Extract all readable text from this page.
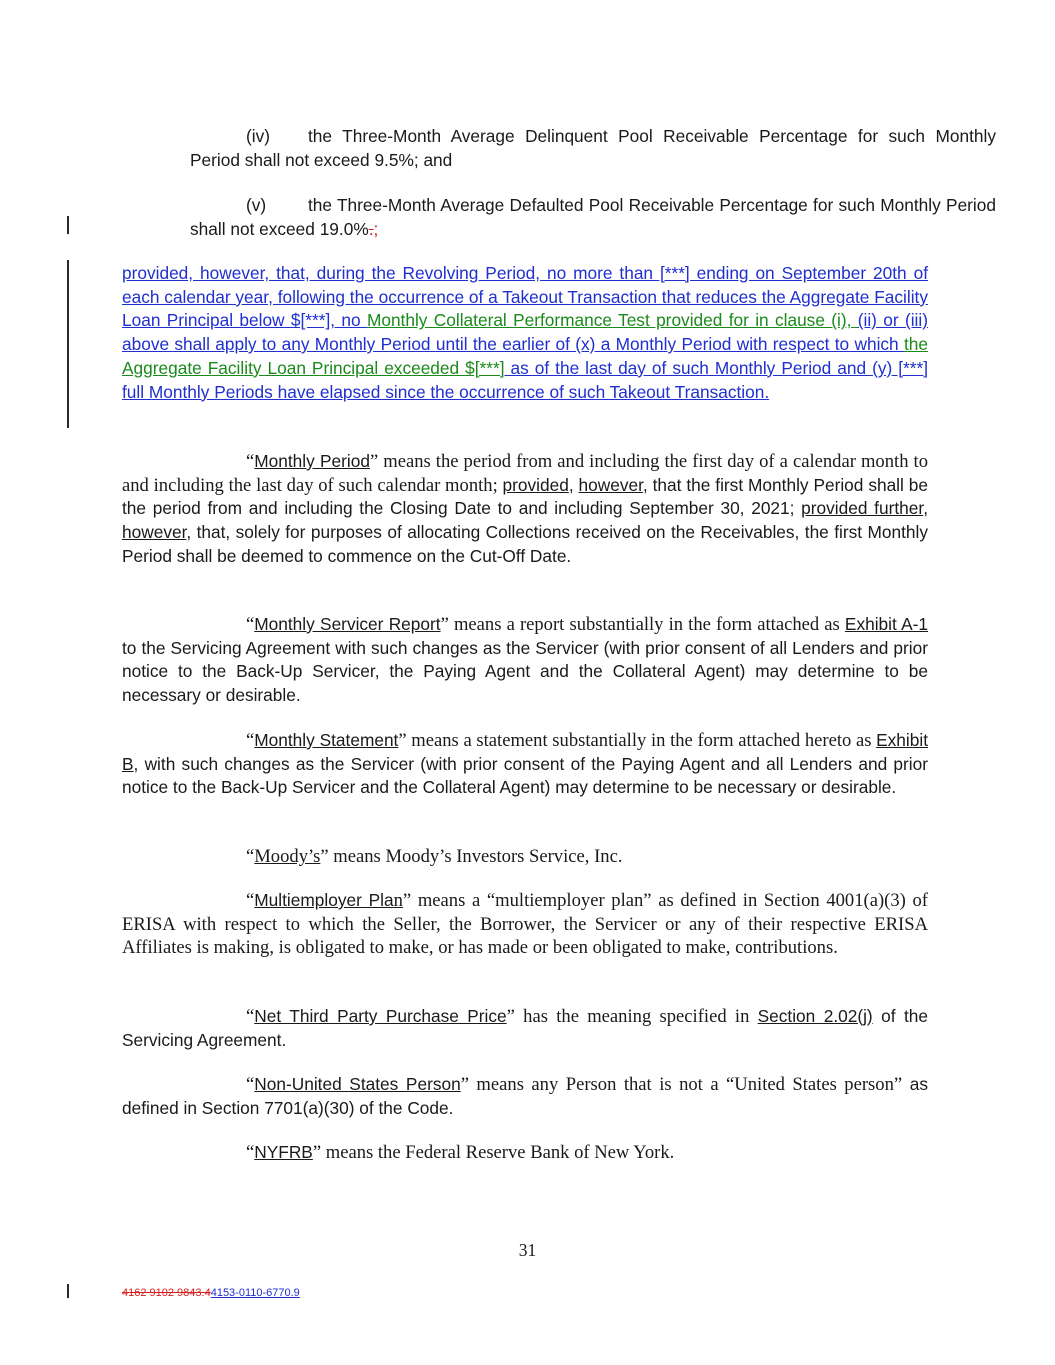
(iv) the Three-Month Average Delinquent Pool Receivable Percentage for such Monthly Period shall not exceed 9.5%; and
(v) the Three-Month Average Defaulted Pool Receivable Percentage for such Monthly Period shall not exceed 19.0%.;
provided, however, that, during the Revolving Period, no more than [***] ending on September 20th of each calendar year, following the occurrence of a Takeout Transaction that reduces the Aggregate Facility Loan Principal below $[***], no Monthly Collateral Performance Test provided for in clause (i), (ii) or (iii) above shall apply to any Monthly Period until the earlier of (x) a Monthly Period with respect to which the Aggregate Facility Loan Principal exceeded $[***] as of the last day of such Monthly Period and (y) [***] full Monthly Periods have elapsed since the occurrence of such Takeout Transaction.
“Monthly Period” means the period from and including the first day of a calendar month to and including the last day of such calendar month; provided, however, that the first Monthly Period shall be the period from and including the Closing Date to and including September 30, 2021; provided further, however, that, solely for purposes of allocating Collections received on the Receivables, the first Monthly Period shall be deemed to commence on the Cut-Off Date.
“Monthly Servicer Report” means a report substantially in the form attached as Exhibit A-1 to the Servicing Agreement with such changes as the Servicer (with prior consent of all Lenders and prior notice to the Back-Up Servicer, the Paying Agent and the Collateral Agent) may determine to be necessary or desirable.
“Monthly Statement” means a statement substantially in the form attached hereto as Exhibit B, with such changes as the Servicer (with prior consent of the Paying Agent and all Lenders and prior notice to the Back-Up Servicer and the Collateral Agent) may determine to be necessary or desirable.
“Moody’s” means Moody’s Investors Service, Inc.
“Multiemployer Plan” means a “multiemployer plan” as defined in Section 4001(a)(3) of ERISA with respect to which the Seller, the Borrower, the Servicer or any of their respective ERISA Affiliates is making, is obligated to make, or has made or been obligated to make, contributions.
“Net Third Party Purchase Price” has the meaning specified in Section 2.02(j) of the Servicing Agreement.
“Non-United States Person” means any Person that is not a “United States person” as defined in Section 7701(a)(30) of the Code.
“NYFRB” means the Federal Reserve Bank of New York.
31
4162 9102 9843.44153-0110-6770.9
